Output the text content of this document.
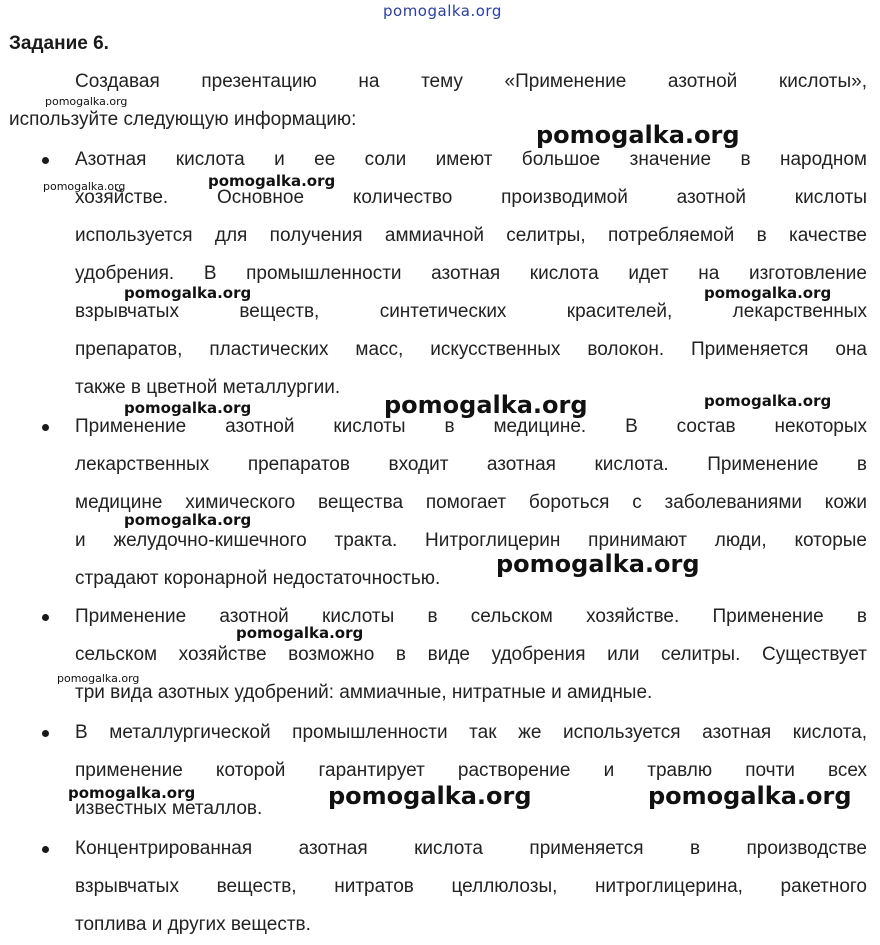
pomogalka.org
Задание 6.
Создавая презентацию на тему «Применение азотной кислоты»,
используйте следующую информацию:
Азотная кислота и ее соли имеют большое значение в народном
хозяйстве. Основное количество производимой азотной кислоты
используется для получения аммиачной селитры, потребляемой в качестве
удобрения. В промышленности азотная кислота идет на изготовление
взрывчатых веществ, синтетических красителей, лекарственных
препаратов, пластических масс, искусственных волокон. Применяется она
также в цветной металлургии.
Применение азотной кислоты в медицине. В состав некоторых
лекарственных препаратов входит азотная кислота. Применение в
медицине химического вещества помогает бороться с заболеваниями кожи
и желудочно-кишечного тракта. Нитроглицерин принимают люди, которые
страдают коронарной недостаточностью.
Применение азотной кислоты в сельском хозяйстве. Применение в
сельском хозяйстве возможно в виде удобрения или селитры. Существует
три вида азотных удобрений: аммиачные, нитратные и амидные.
В металлургической промышленности так же используется азотная кислота,
применение которой гарантирует растворение и травлю почти всех
известных металлов.
Концентрированная азотная кислота применяется в производстве
взрывчатых веществ, нитратов целлюлозы, нитроглицерина, ракетного
топлива и других веществ.
pomogalka.org
pomogalka.org
pomogalka.org	pomogalka.org
pomogalka.org	pomogalka.org
pomogalka.org	pomogalka.org	pomogalka.org
pomogalka.org
pomogalka.org
pomogalka.org
pomogalka.org
pomogalka.org	pomogalka.org	pomogalka.org
